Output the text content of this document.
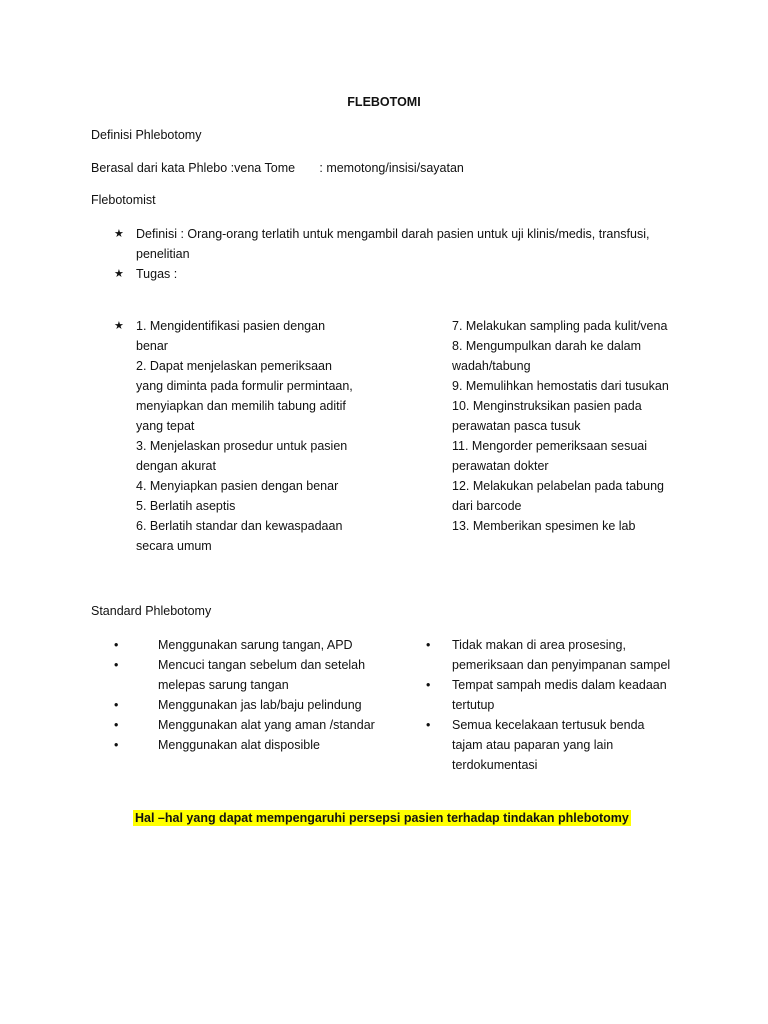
FLEBOTOMI

Definisi Phlebotomy

Berasal dari kata Phlebo :vena Tome       : memotong/insisi/sayatan

Flebotomist

★ Definisi : Orang-orang terlatih untuk mengambil darah pasien untuk uji klinis/medis, transfusi,
penelitian
★ Tugas :
★ 1. Mengidentifikasi pasien dengan
benar
2. Dapat menjelaskan pemeriksaan
yang diminta pada formulir permintaan,
menyiapkan dan memilih tabung aditif
yang tepat
3. Menjelaskan prosedur untuk pasien
dengan akurat
4. Menyiapkan pasien dengan benar
5. Berlatih aseptis
6. Berlatih standar dan kewaspadaan
secara umum
7. Melakukan sampling pada kulit/vena
8. Mengumpulkan darah ke dalam
wadah/tabung
9. Memulihkan hemostatis dari tusukan
10. Menginstruksikan pasien pada
perawatan pasca tusuk
11. Mengorder pemeriksaan sesuai
perawatan dokter
12. Melakukan pelabelan pada tabung
dari barcode
13. Memberikan spesimen ke lab

Standard Phlebotomy

•	Menggunakan sarung tangan, APD
•	Mencuci tangan sebelum dan setelah
melepas sarung tangan
•	Menggunakan jas lab/baju pelindung
•	Menggunakan alat yang aman /standar
•	Menggunakan alat disposible
• Tidak makan di area prosesing,
pemeriksaan dan penyimpanan sampel
• Tempat sampah medis dalam keadaan
tertutup
• Semua kecelakaan tertusuk benda
tajam atau paparan yang lain
terdokumentasi

Hal –hal yang dapat mempengaruhi persepsi pasien terhadap tindakan phlebotomy
